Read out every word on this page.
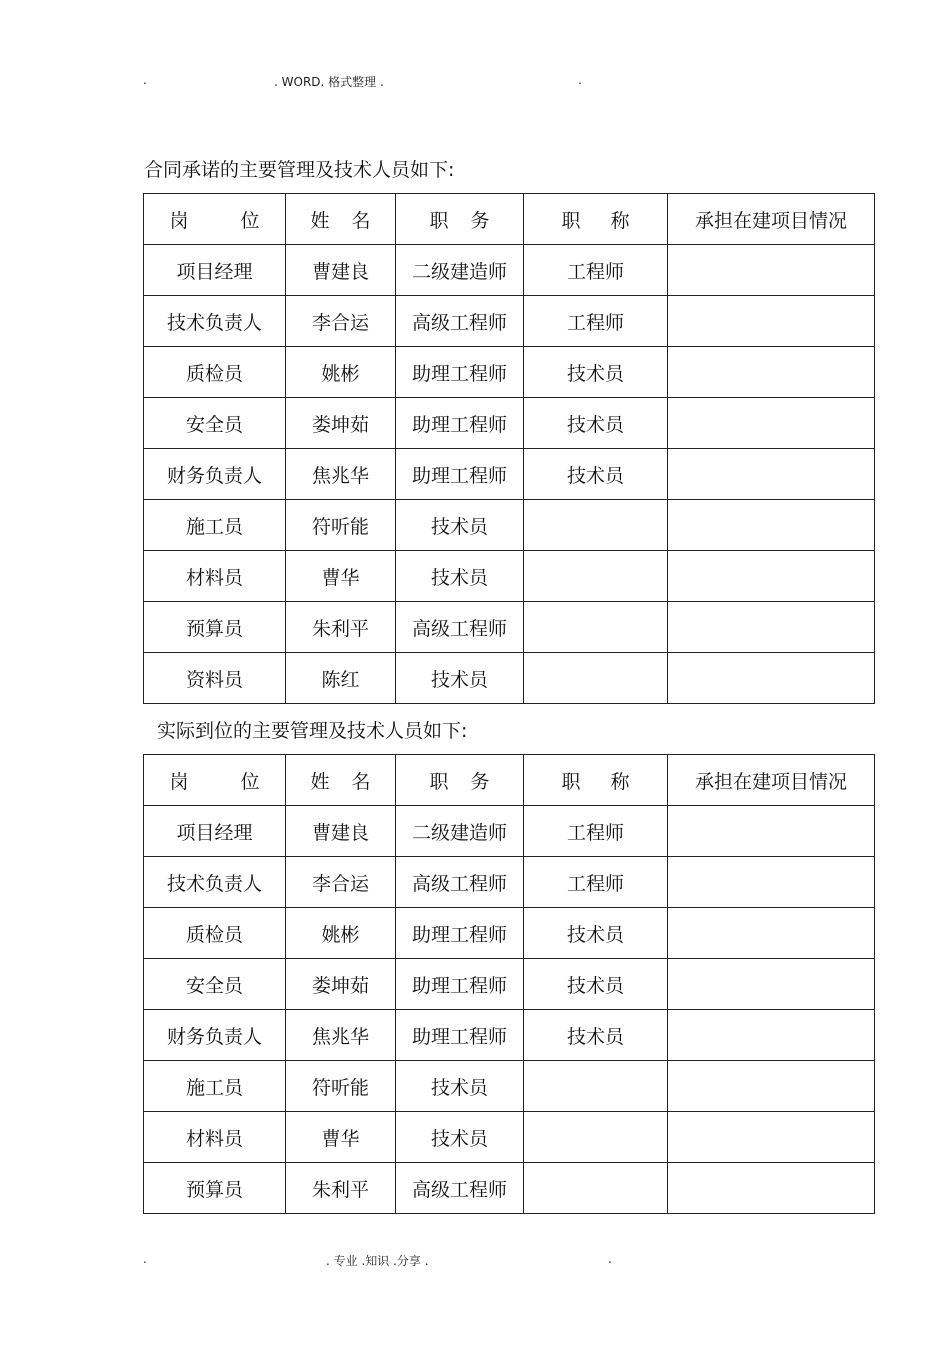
.	. WORD. 格式整理 .	.
合同承诺的主要管理及技术人员如下:
岗 位	姓 名	职 务	职 称	承担在建项目情况
项目经理	曹建良	二级建造师	工程师	
技术负责人	李合运	高级工程师	工程师	
质检员	姚彬	助理工程师	技术员	
安全员	娄坤茹	助理工程师	技术员	
财务负责人	焦兆华	助理工程师	技术员	
施工员	符听能	技术员		
材料员	曹华	技术员		
预算员	朱利平	高级工程师		
资料员	陈红	技术员		
实际到位的主要管理及技术人员如下:
岗 位	姓 名	职 务	职 称	承担在建项目情况
项目经理	曹建良	二级建造师	工程师	
技术负责人	李合运	高级工程师	工程师	
质检员	姚彬	助理工程师	技术员	
安全员	娄坤茹	助理工程师	技术员	
财务负责人	焦兆华	助理工程师	技术员	
施工员	符听能	技术员		
材料员	曹华	技术员		
预算员	朱利平	高级工程师		
.	. 专业 .知识 .分享 .	.
